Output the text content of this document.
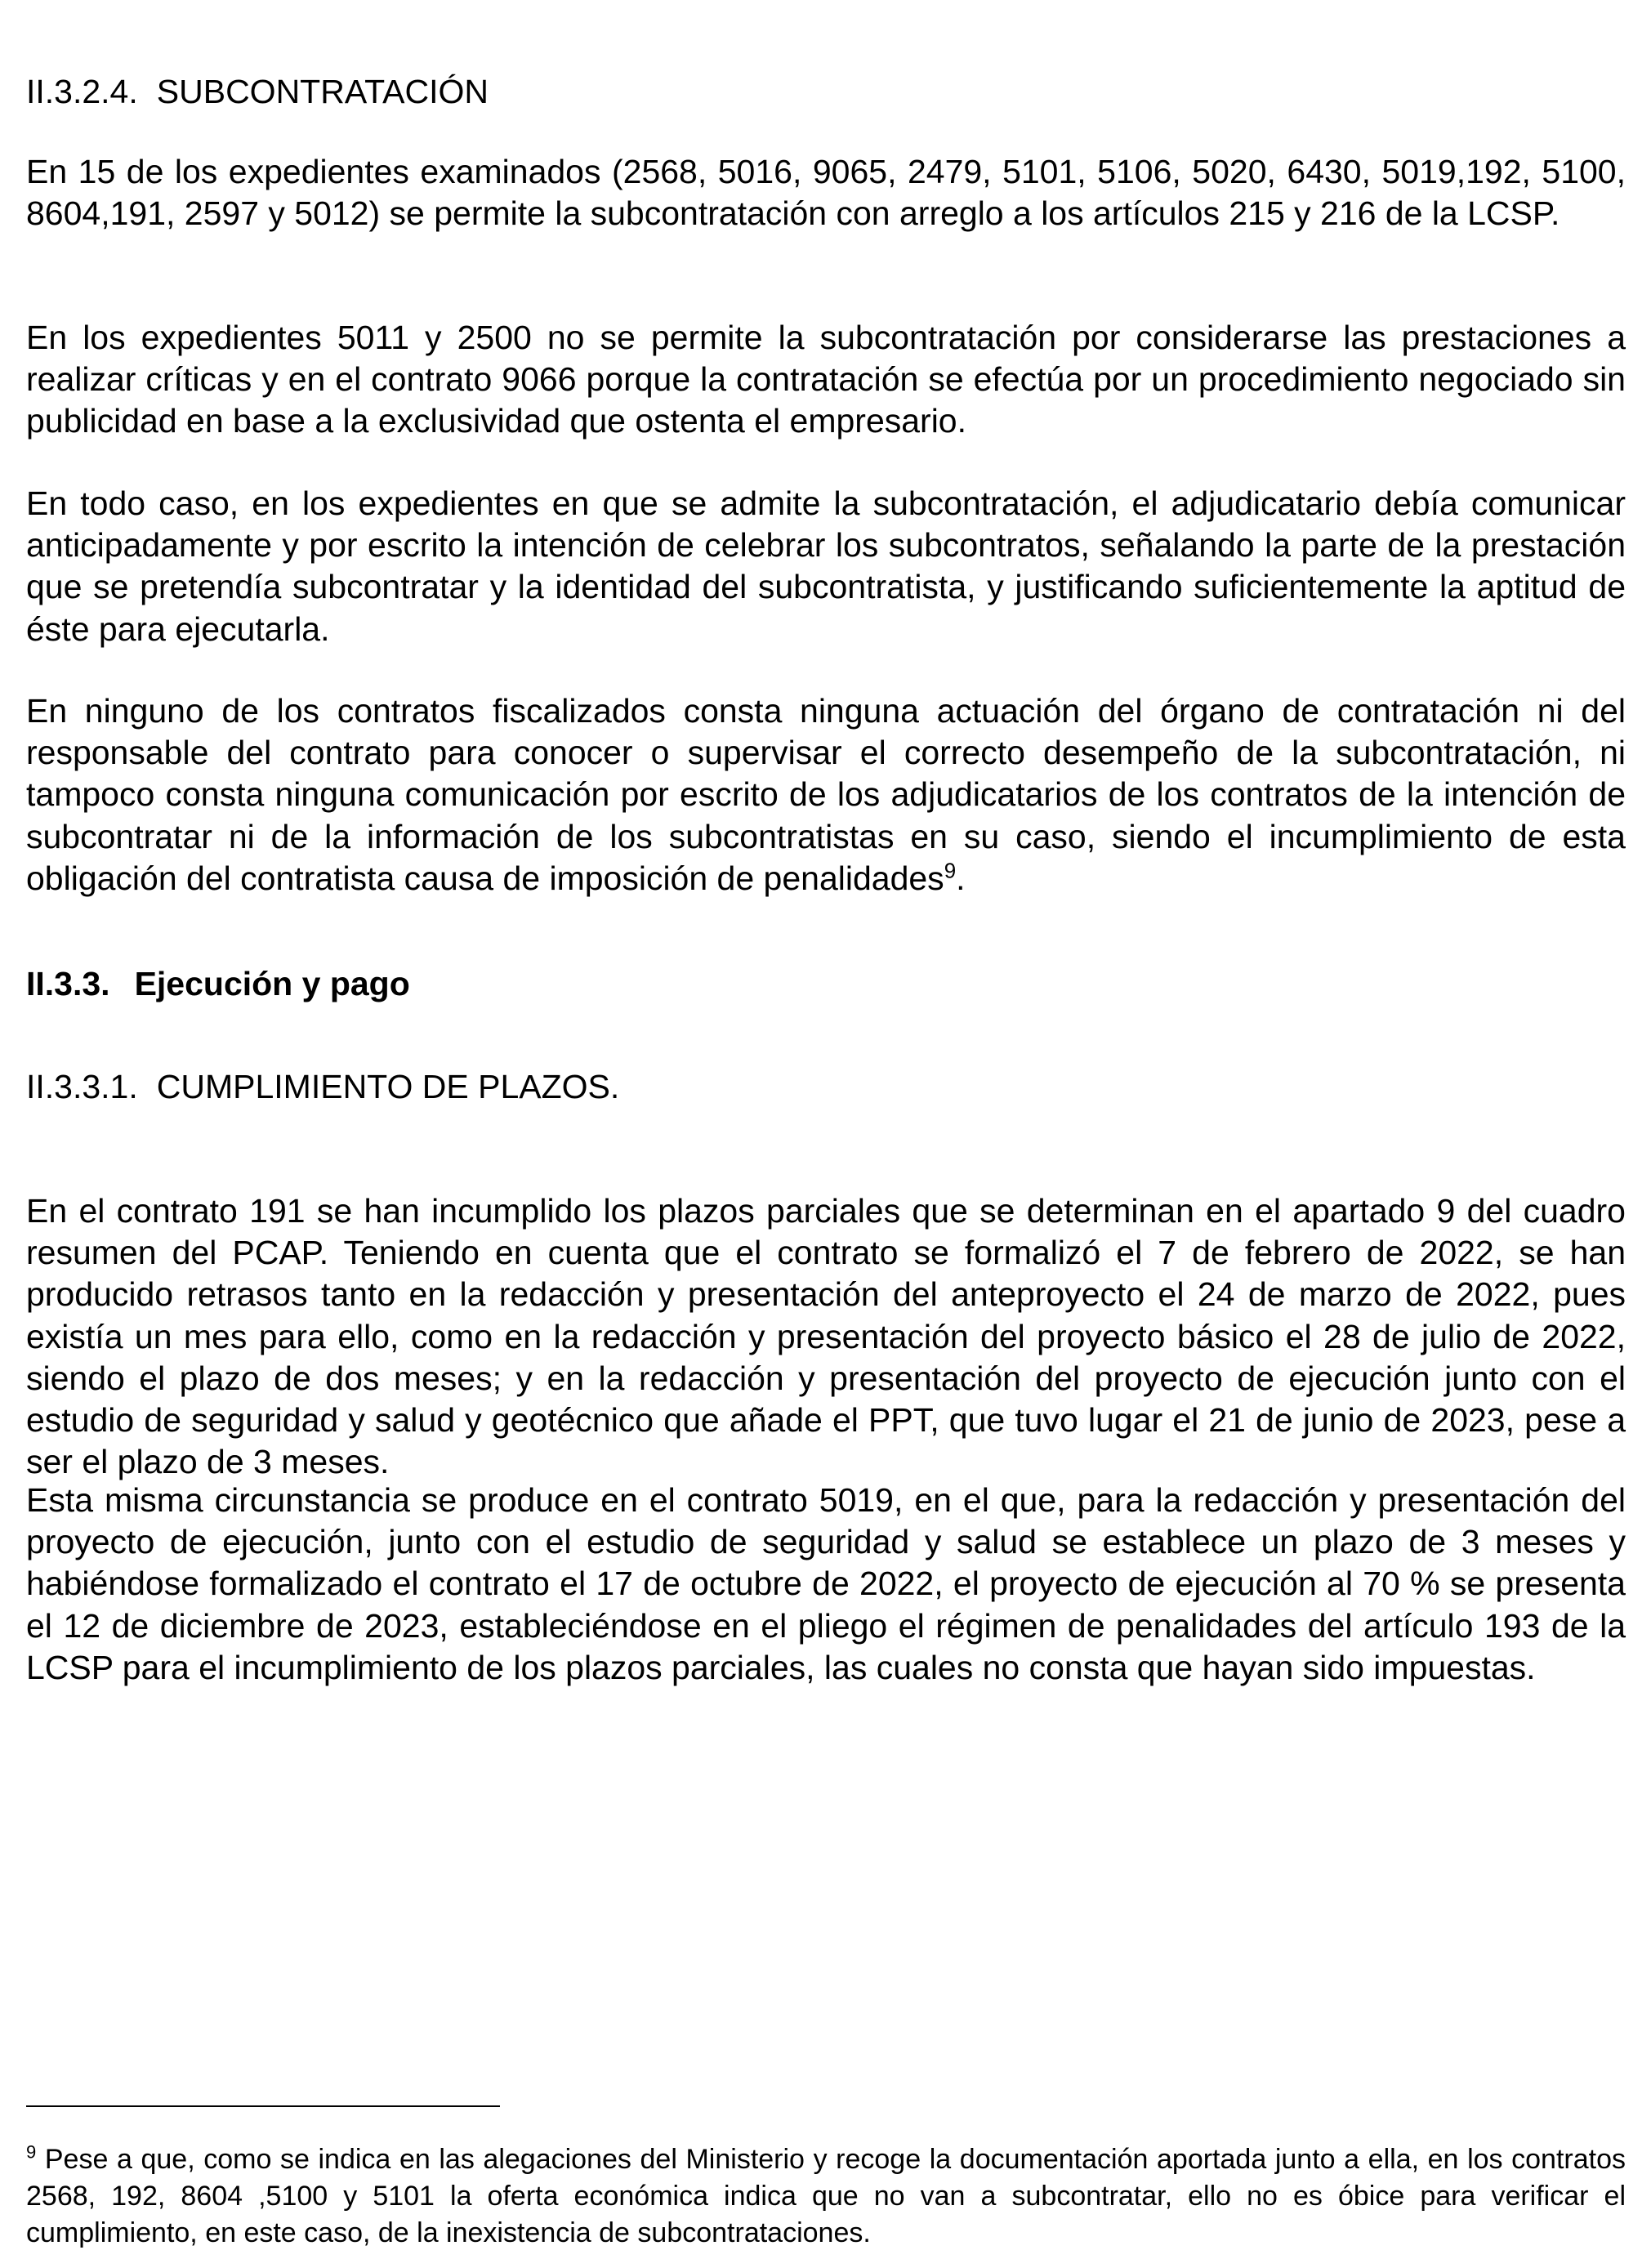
II.3.2.4. SUBCONTRATACIÓN

En 15 de los expedientes examinados (2568, 5016, 9065, 2479, 5101, 5106, 5020, 6430, 5019,192, 5100, 8604,191, 2597 y 5012) se permite la subcontratación con arreglo a los artículos 215 y 216 de la LCSP.

En los expedientes 5011 y 2500 no se permite la subcontratación por considerarse las prestaciones a realizar críticas y en el contrato 9066 porque la contratación se efectúa por un procedimiento negociado sin publicidad en base a la exclusividad que ostenta el empresario.

En todo caso, en los expedientes en que se admite la subcontratación, el adjudicatario debía comunicar anticipadamente y por escrito la intención de celebrar los subcontratos, señalando la parte de la prestación que se pretendía subcontratar y la identidad del subcontratista, y justificando suficientemente la aptitud de éste para ejecutarla.

En ninguno de los contratos fiscalizados consta ninguna actuación del órgano de contratación ni del responsable del contrato para conocer o supervisar el correcto desempeño de la subcontratación, ni tampoco consta ninguna comunicación por escrito de los adjudicatarios de los contratos de la intención de subcontratar ni de la información de los subcontratistas en su caso, siendo el incumplimiento de esta obligación del contratista causa de imposición de penalidades$^9$.

II.3.3. Ejecución y pago
II.3.3.1. CUMPLIMIENTO DE PLAZOS.

En el contrato 191 se han incumplido los plazos parciales que se determinan en el apartado 9 del cuadro resumen del PCAP. Teniendo en cuenta que el contrato se formalizó el 7 de febrero de 2022, se han producido retrasos tanto en la redacción y presentación del anteproyecto el 24 de marzo de 2022, pues existía un mes para ello, como en la redacción y presentación del proyecto básico el 28 de julio de 2022, siendo el plazo de dos meses; y en la redacción y presentación del proyecto de ejecución junto con el estudio de seguridad y salud y geotécnico que añade el PPT, que tuvo lugar el 21 de junio de 2023, pese a ser el plazo de 3 meses.

Esta misma circunstancia se produce en el contrato 5019, en el que, para la redacción y presentación del proyecto de ejecución, junto con el estudio de seguridad y salud se establece un plazo de 3 meses y habiéndose formalizado el contrato el 17 de octubre de 2022, el proyecto de ejecución al 70 % se presenta el 12 de diciembre de 2023, estableciéndose en el pliego el régimen de penalidades del artículo 193 de la LCSP para el incumplimiento de los plazos parciales, las cuales no consta que hayan sido impuestas.

$^9$ Pese a que, como se indica en las alegaciones del Ministerio y recoge la documentación aportada junto a ella, en los contratos 2568, 192, 8604 ,5100 y 5101 la oferta económica indica que no van a subcontratar, ello no es óbice para verificar el cumplimiento, en este caso, de la inexistencia de subcontrataciones.
